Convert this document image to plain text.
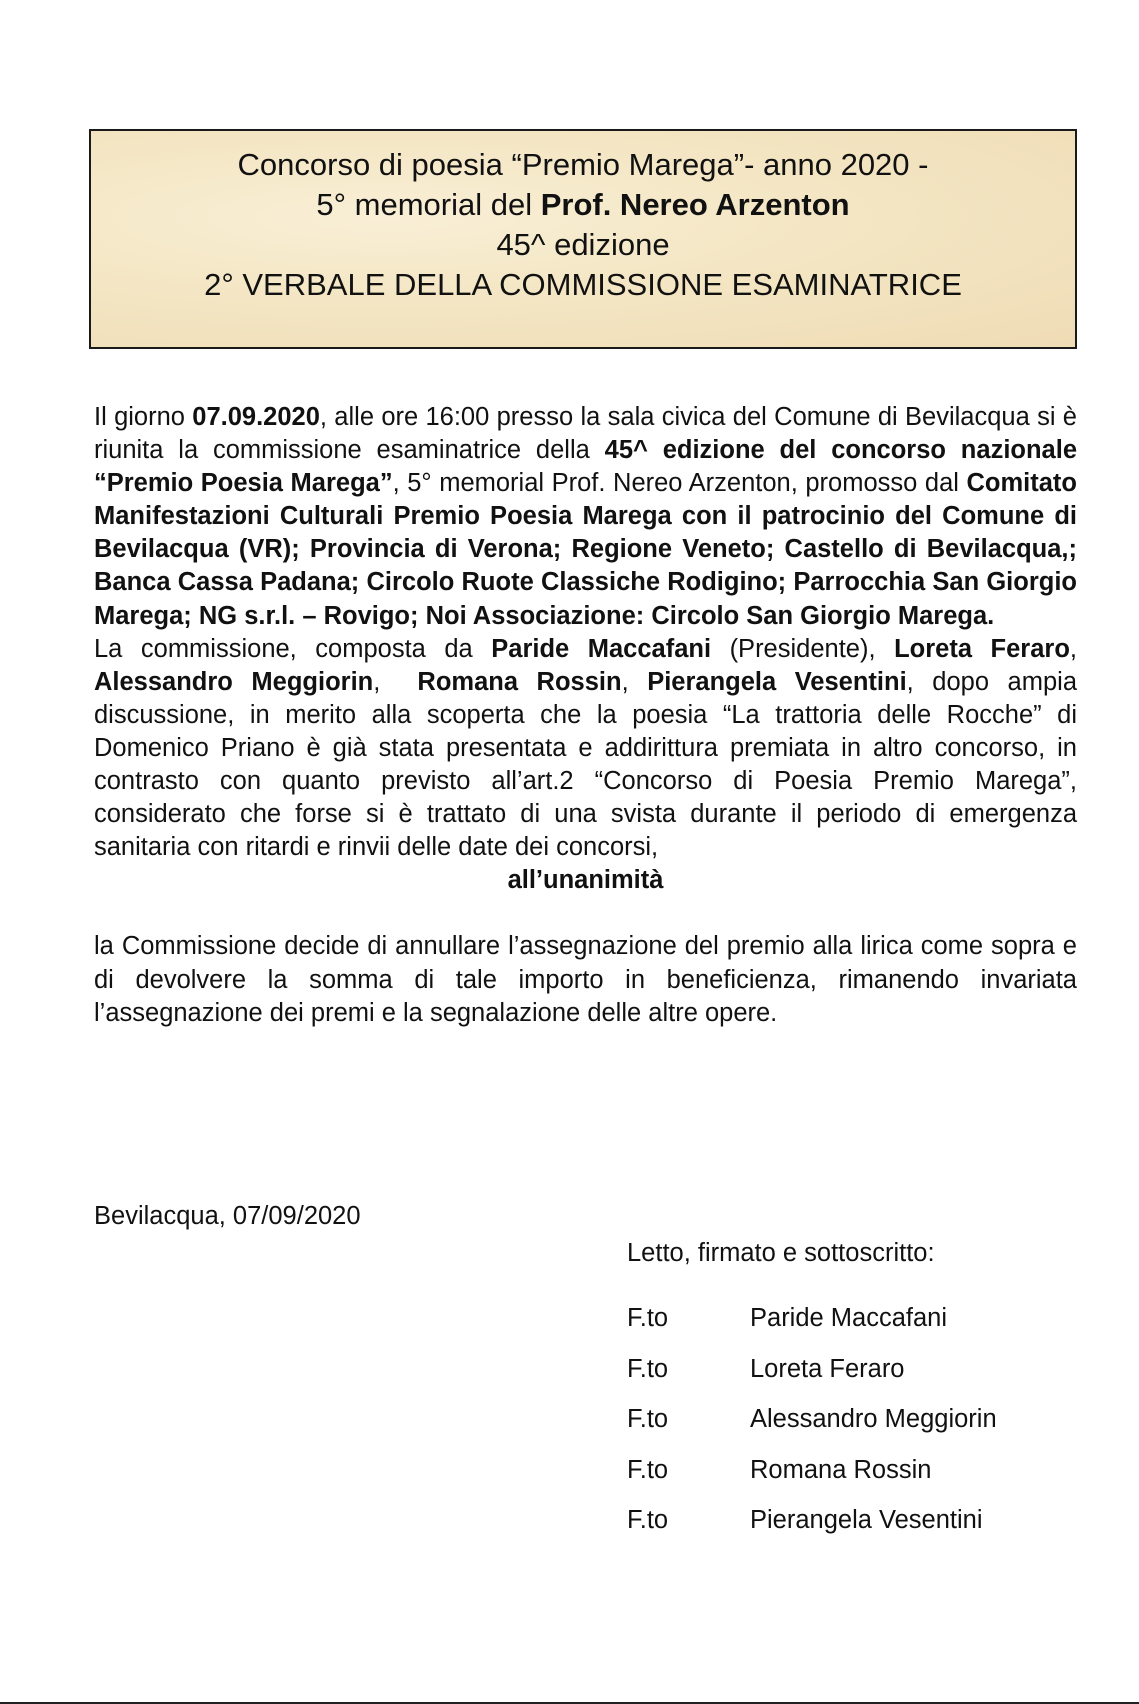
Concorso di poesia “Premio Marega”- anno 2020 -
5° memorial del Prof. Nereo Arzenton
45^ edizione
2° VERBALE DELLA COMMISSIONE ESAMINATRICE

Il giorno 07.09.2020, alle ore 16:00 presso la sala civica del Comune di Bevilacqua si è riunita la commissione esaminatrice della 45^ edizione del concorso nazionale “Premio Poesia Marega”, 5° memorial Prof. Nereo Arzenton, promosso dal Comitato Manifestazioni Culturali Premio Poesia Marega con il patrocinio del Comune di Bevilacqua (VR); Provincia di Verona; Regione Veneto; Castello di Bevilacqua,; Banca Cassa Padana; Circolo Ruote Classiche Rodigino; Parrocchia San Giorgio Marega; NG s.r.l. – Rovigo; Noi Associazione: Circolo San Giorgio Marega.

La commissione, composta da Paride Maccafani (Presidente), Loreta Feraro, Alessandro Meggiorin,  Romana Rossin, Pierangela Vesentini, dopo ampia discussione, in merito alla scoperta che la poesia “La trattoria delle Rocche” di Domenico Priano è già stata presentata e addirittura premiata in altro concorso, in contrasto con quanto previsto all’art.2 “Concorso di Poesia Premio Marega”, considerato che forse si è trattato di una svista durante il periodo di emergenza sanitaria con ritardi e rinvii delle date dei concorsi,

all’unanimità

la Commissione decide di annullare l’assegnazione del premio alla lirica come sopra e di devolvere la somma di tale importo in beneficienza, rimanendo invariata l’assegnazione dei premi e la segnalazione delle altre opere.

Bevilacqua, 07/09/2020
Letto, firmato e sottoscritto:
F.to	Paride Maccafani
F.to	Loreta Feraro
F.to	Alessandro Meggiorin
F.to	Romana Rossin
F.to	Pierangela Vesentini
